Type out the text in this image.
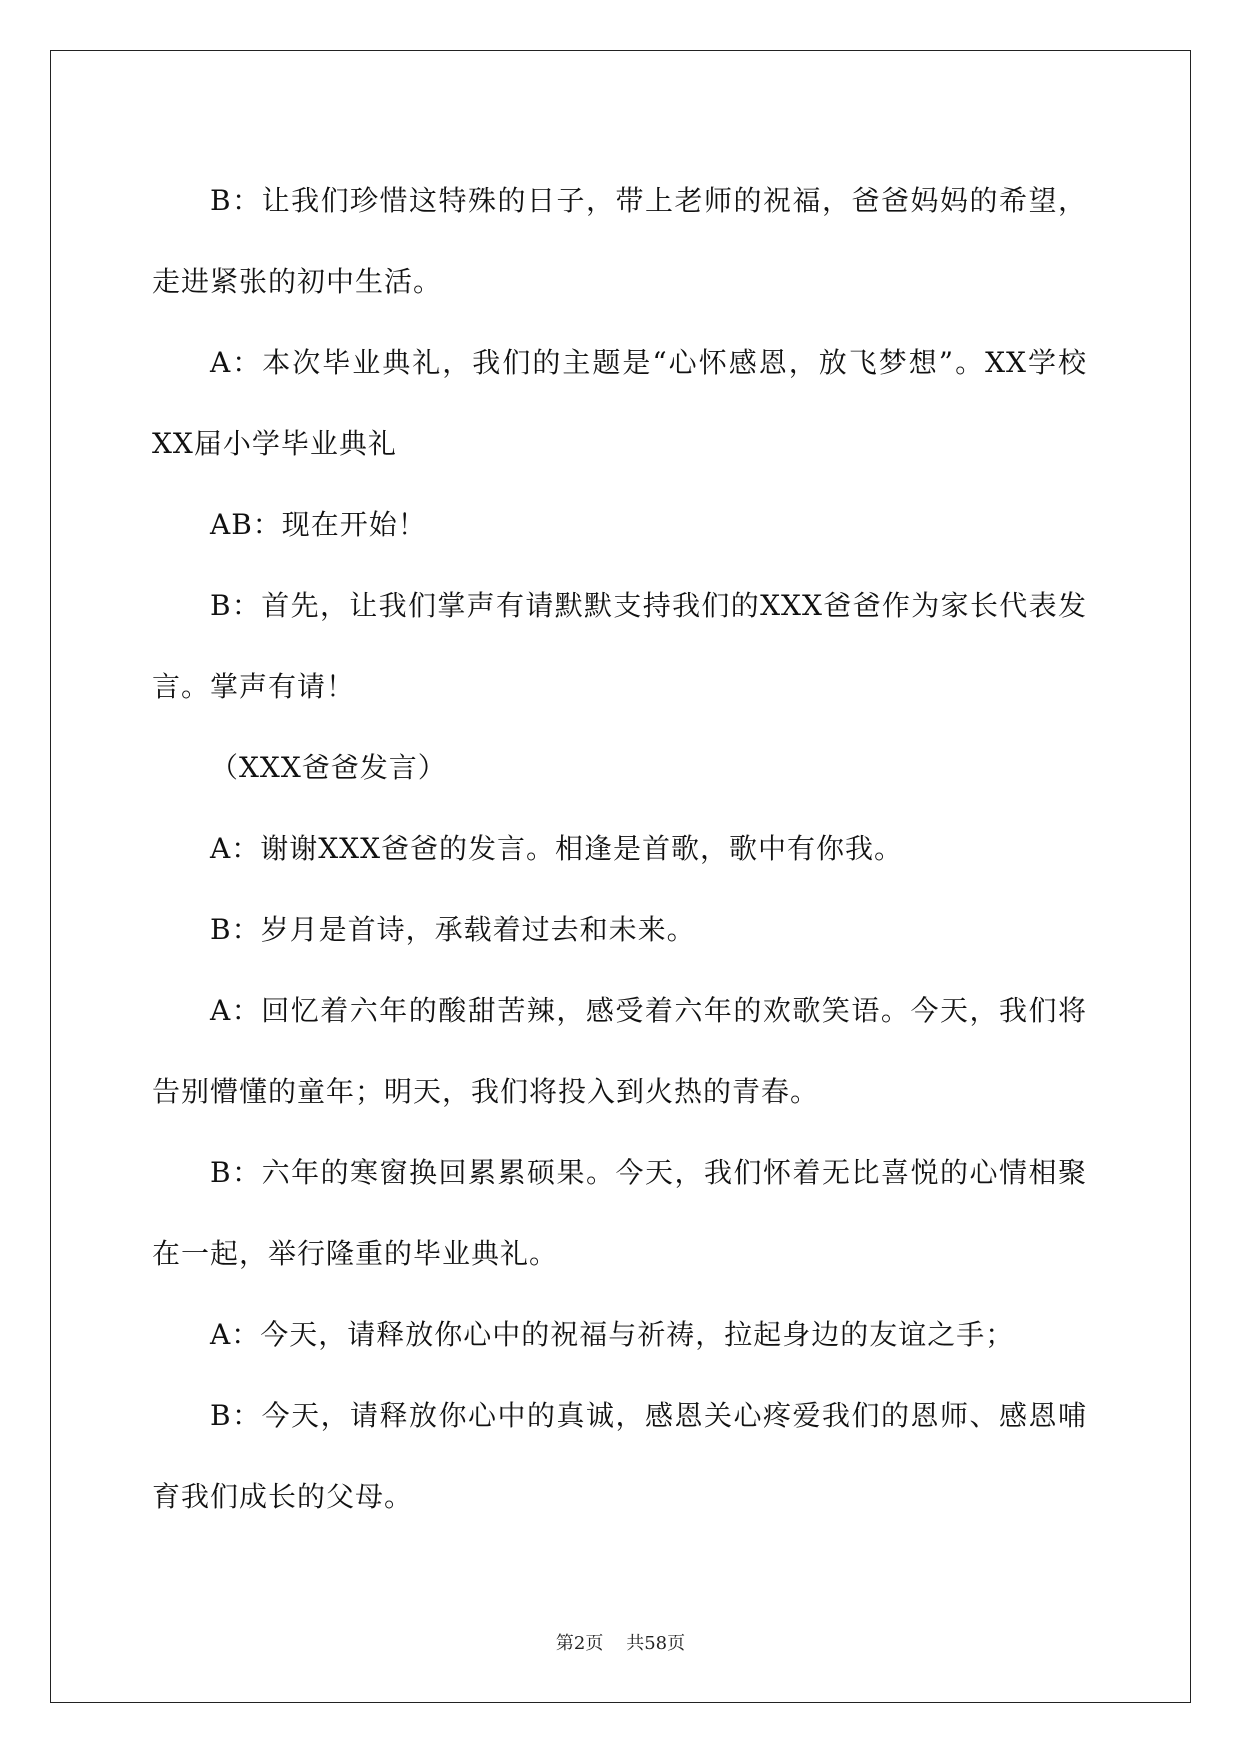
B：让我们珍惜这特殊的日子，带上老师的祝福，爸爸妈妈的希望，走进紧张的初中生活。

A：本次毕业典礼，我们的主题是“心怀感恩，放飞梦想”。XX学校XX届小学毕业典礼

AB：现在开始！

B：首先，让我们掌声有请默默支持我们的XXX爸爸作为家长代表发言。掌声有请！

（XXX爸爸发言）

A：谢谢XXX爸爸的发言。相逢是首歌，歌中有你我。

B：岁月是首诗，承载着过去和未来。

A：回忆着六年的酸甜苦辣，感受着六年的欢歌笑语。今天，我们将告别懵懂的童年；明天，我们将投入到火热的青春。

B：六年的寒窗换回累累硕果。今天，我们怀着无比喜悦的心情相聚在一起，举行隆重的毕业典礼。

A：今天，请释放你心中的祝福与祈祷，拉起身边的友谊之手；

B：今天，请释放你心中的真诚，感恩关心疼爱我们的恩师、感恩哺育我们成长的父母。

第2页 共58页
